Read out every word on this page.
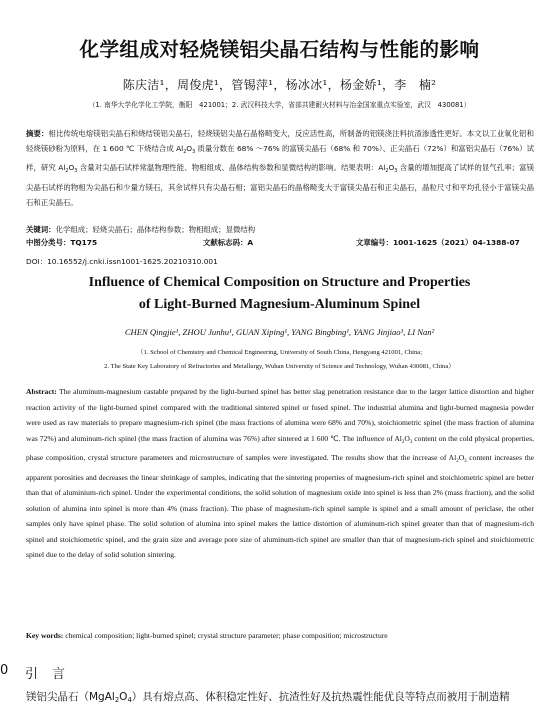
化学组成对轻烧镁铝尖晶石结构与性能的影响
陈庆洁¹，周俊虎¹，管锡萍¹，杨冰冰¹，杨金娇¹，李　楠²
（1. 南华大学化学化工学院，衡阳　421001；2. 武汉科技大学，省部共建耐火材料与冶金国家重点实验室，武汉　430081）
摘要：相比传统电熔镁铝尖晶石和烧结镁铝尖晶石，轻烧镁铝尖晶石晶格畸变大，反应活性高，所制备的铝镁浇注料抗渣渗透性更好。本文以工业氧化铝和轻烧镁砂粉为原料，在 1 600 ℃ 下烧结合成 $Al_2O_3$ 质量分数在 68% ～76% 的富镁尖晶石（68% 和 70%）、正尖晶石（72%）和富铝尖晶石（76%）试样，研究 $Al_2O_3$ 含量对尖晶石试样常温物理性能、物相组成、晶体结构参数和显微结构的影响。结果表明：$Al_2O_3$ 含量的增加提高了试样的显气孔率；富镁尖晶石试样的物相为尖晶石和少量方镁石，其余试样只有尖晶石相；富铝尖晶石的晶格畸变大于富镁尖晶石和正尖晶石，晶粒尺寸和平均孔径小于富镁尖晶石和正尖晶石。
关键词：化学组成；轻烧尖晶石；晶体结构参数；物相组成；显微结构
中图分类号：TQ175	文献标志码：A	文章编号：1001-1625（2021）04-1388-07
DOI：10.16552/j.cnki.issn1001-1625.20210310.001
Influence of Chemical Composition on Structure and Properties
of Light-Burned Magnesium-Aluminum Spinel
CHEN Qingjie¹, ZHOU Junhu¹, GUAN Xiping¹, YANG Bingbing¹, YANG Jinjiao¹, LI Nan²
（1. School of Chemistry and Chemical Engineering, University of South China, Hengyang 421001, China;
2. The State Key Laboratory of Refractories and Metallurgy, Wuhan University of Science and Technology, Wuhan 430081, China）
Abstract: The aluminum-magnesium castable prepared by the light-burned spinel has better slag penetration resistance due to the larger lattice distortion and higher reaction activity of the light-burned spinel compared with the traditional sintered spinel or fused spinel. The industrial alumina and light-burned magnesia powder were used as raw materials to prepare magnesium-rich spinel (the mass fractions of alumina were 68% and 70%), stoichiometric spinel (the mass fraction of alumina was 72%) and aluminum-rich spinel (the mass fraction of alumina was 76%) after sintered at 1 600 ℃. The influence of $Al_2O_3$ content on the cold physical properties, phase composition, crystal structure parameters and microstructure of samples were investigated. The results show that the increase of $Al_2O_3$ content increases the apparent porosities and decreases the linear shrinkage of samples, indicating that the sintering properties of magnesium-rich spinel and stoichiometric spinel are better than that of aluminium-rich spinel. Under the experimental conditions, the solid solution of magnesium oxide into spinel is less than 2% (mass fraction), and the solid solution of alumina into spinel is more than 4% (mass fraction). The phase of magnesium-rich spinel sample is spinel and a small amount of periclase, the other samples only have spinel phase. The solid solution of alumina into spinel makes the lattice distortion of aluminum-rich spinel greater than that of magnesium-rich spinel and stoichiometric spinel, and the grain size and average pore size of aluminum-rich spinel are smaller than that of magnesium-rich spinel and stoichiometric spinel due to the delay of solid solution sintering.
Key words: chemical composition; light-burned spinel; crystal structure parameter; phase composition; microstructure
0 引言
镁铝尖晶石$(MgAl_2O_4)$具有熔点高、体积稳定性好、抗渣性好及抗热震性能优良等特点而被用于制造精
